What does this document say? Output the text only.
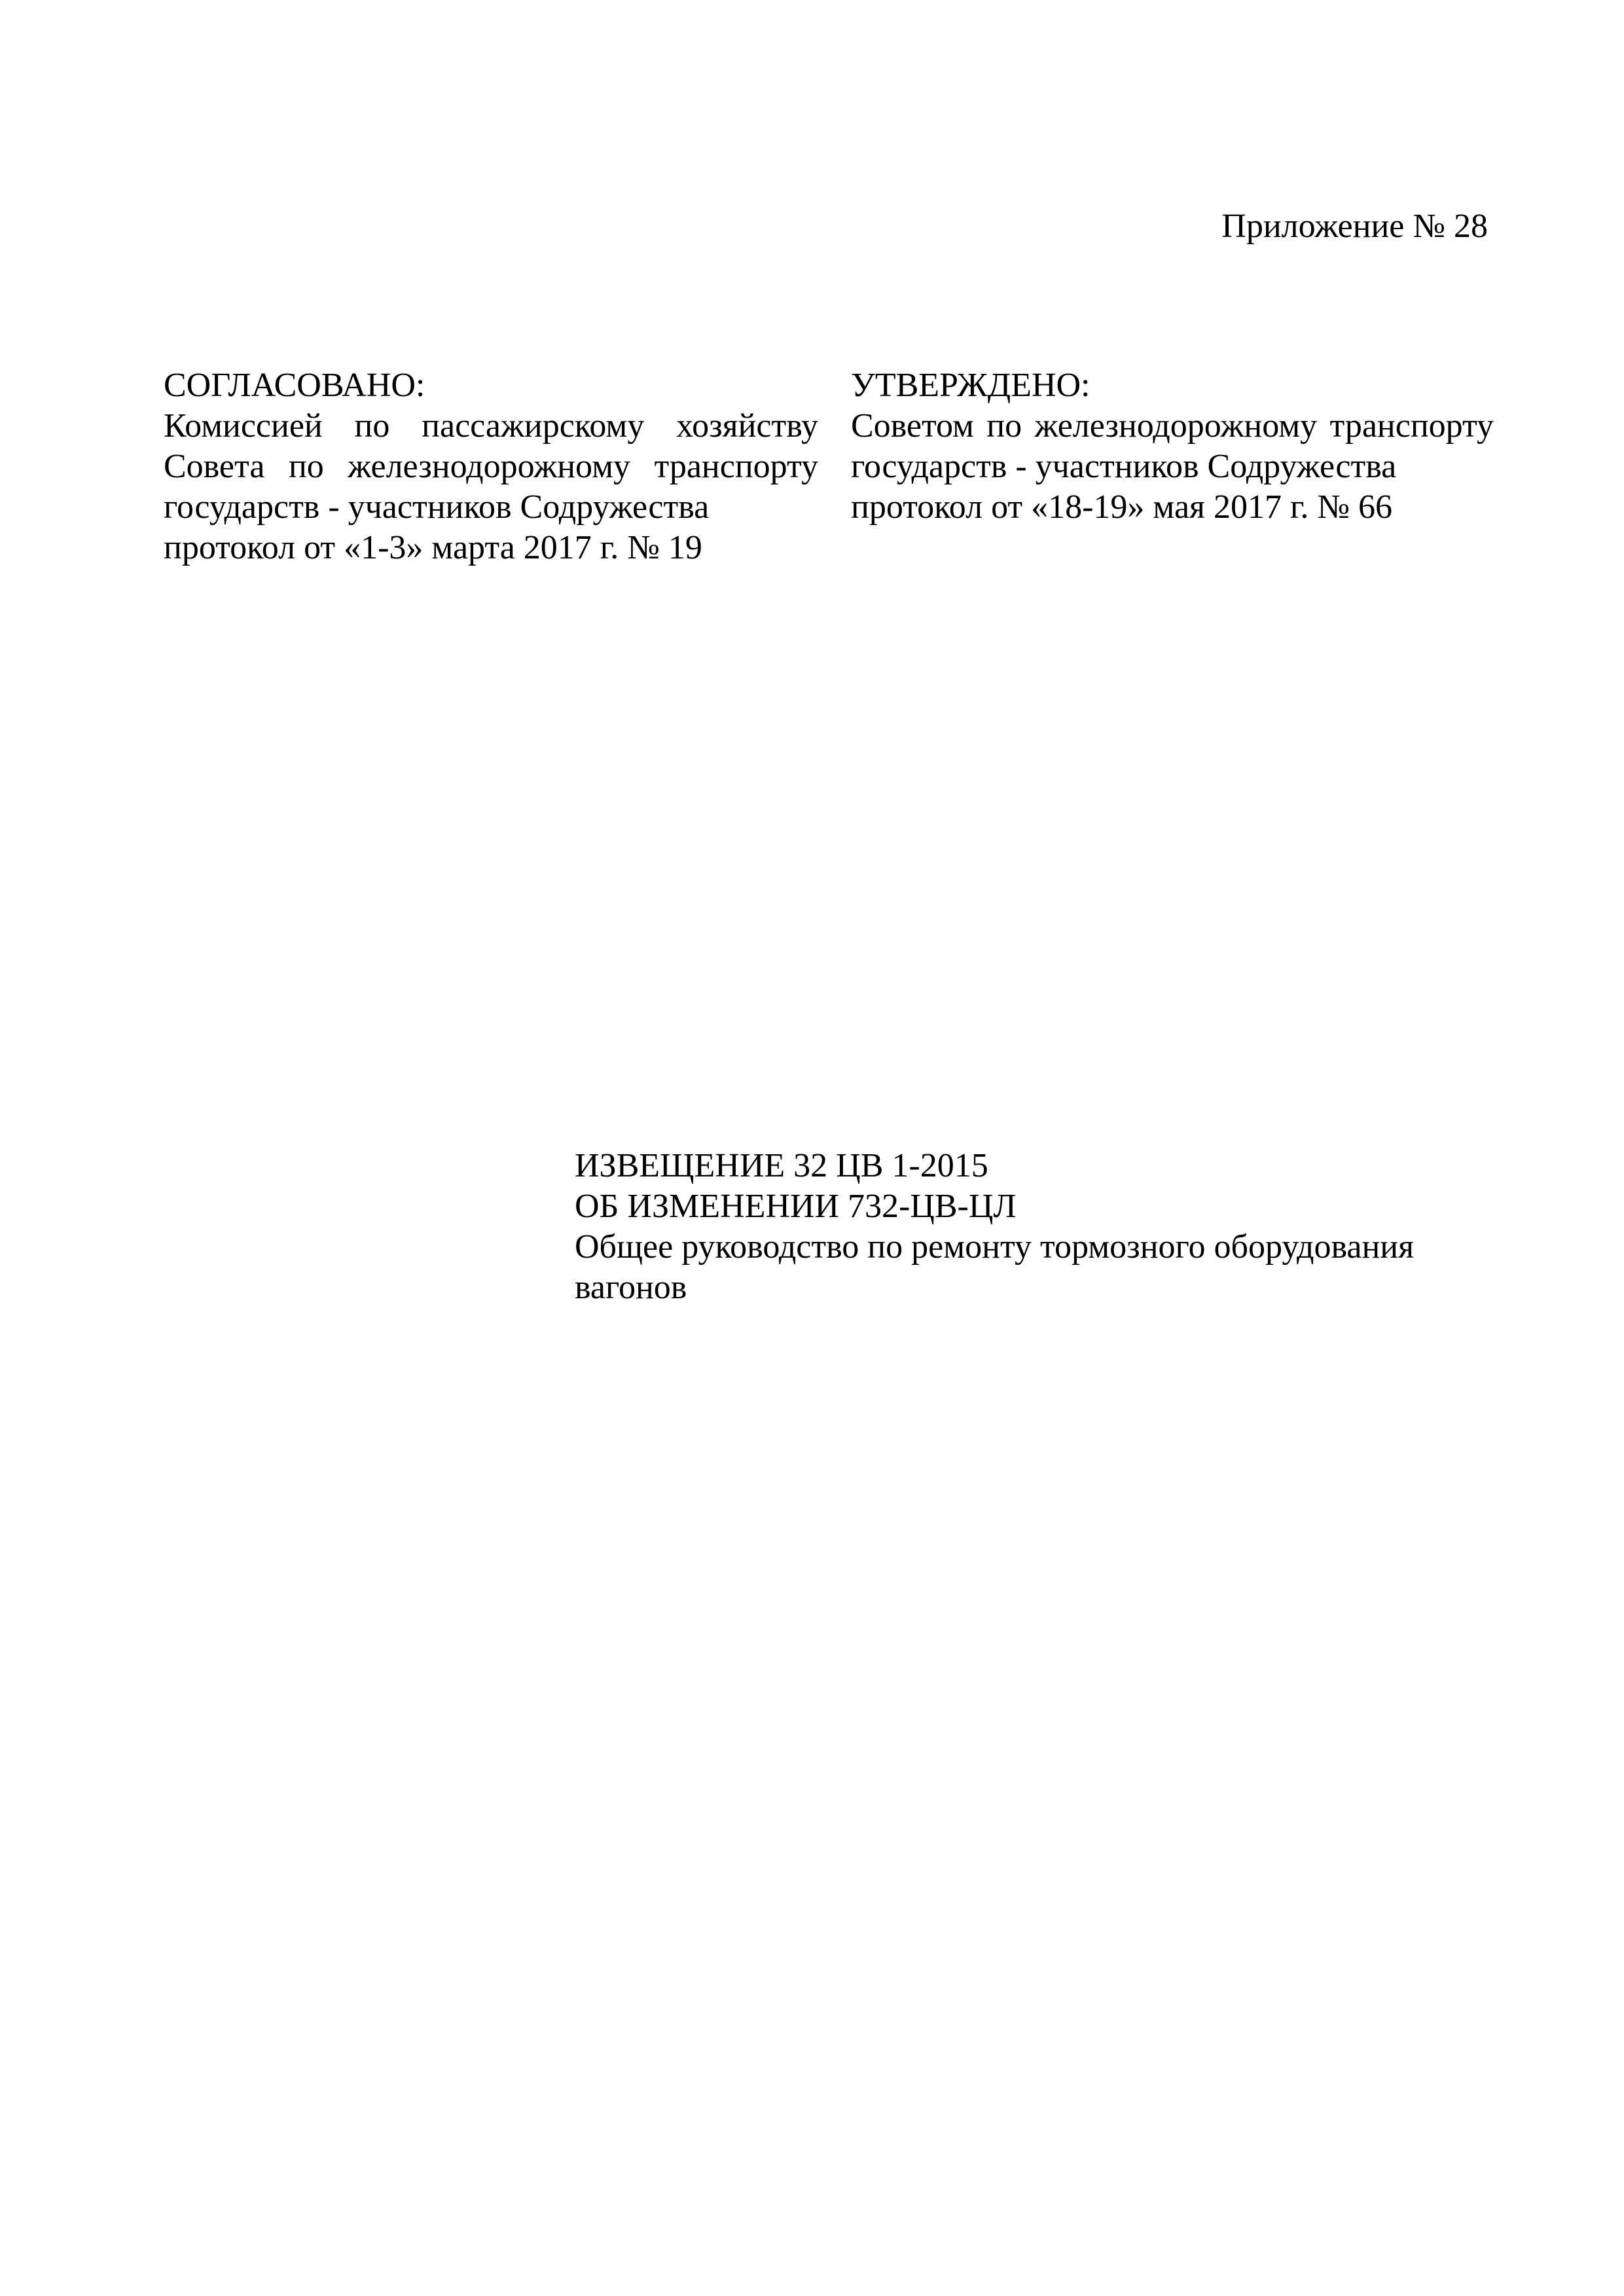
Приложение № 28
СОГЛАСОВАНО:
Комиссией по пассажирскому хозяйству Совета по железнодорожному транспорту государств - участников Содружества
протокол от «1-3» марта 2017 г. № 19
УТВЕРЖДЕНО:
Советом по железнодорожному транспорту государств - участников Содружества
протокол от «18-19» мая 2017 г. № 66
ИЗВЕЩЕНИЕ 32 ЦВ 1-2015
ОБ ИЗМЕНЕНИИ 732-ЦВ-ЦЛ
Общее руководство по ремонту тормозного оборудования вагонов
